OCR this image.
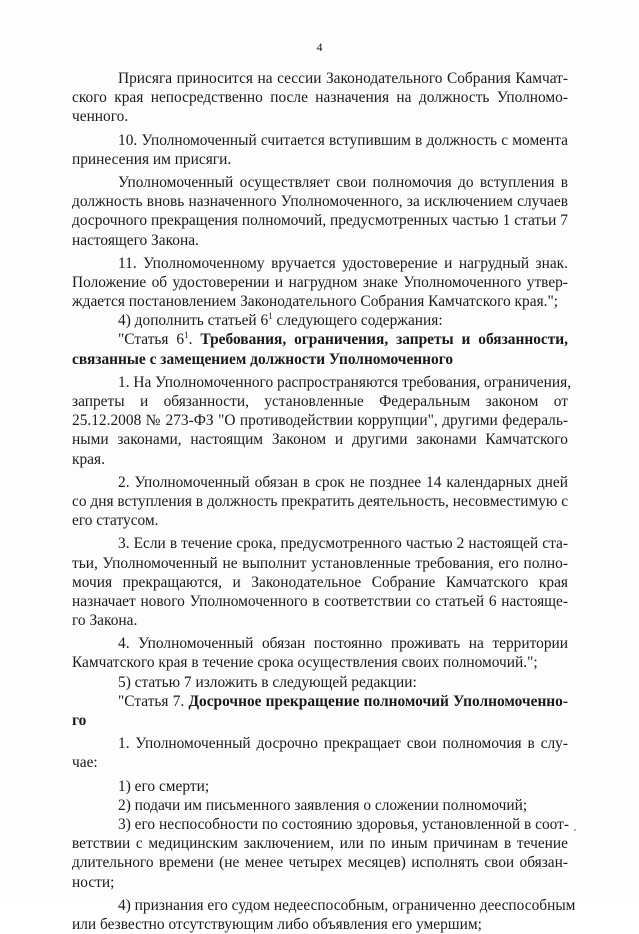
4
Присяга приносится на сессии Законодательного Собрания Камчат-
ского края непосредственно после назначения на должность Уполномо-
ченного.
10. Уполномоченный считается вступившим в должность с момента
принесения им присяги.
Уполномоченный осуществляет свои полномочия до вступления в
должность вновь назначенного Уполномоченного, за исключением случаев
досрочного прекращения полномочий, предусмотренных частью 1 статьи 7
настоящего Закона.
11. Уполномоченному вручается удостоверение и нагрудный знак.
Положение об удостоверении и нагрудном знаке Уполномоченного утвер-
ждается постановлением Законодательного Собрания Камчатского края.";
4) дополнить статьей $6^1$ следующего содержания:
"Статья $6^1$. Требования, ограничения, запреты и обязанности,
связанные с замещением должности Уполномоченного
1. На Уполномоченного распространяются требования, ограничения,
запреты и обязанности, установленные Федеральным законом от
25.12.2008 № 273-ФЗ "О противодействии коррупции", другими федераль-
ными законами, настоящим Законом и другими законами Камчатского
края.
2. Уполномоченный обязан в срок не позднее 14 календарных дней
со дня вступления в должность прекратить деятельность, несовместимую с
его статусом.
3. Если в течение срока, предусмотренного частью 2 настоящей ста-
тьи, Уполномоченный не выполнит установленные требования, его полно-
мочия прекращаются, и Законодательное Собрание Камчатского края
назначает нового Уполномоченного в соответствии со статьей 6 настояще-
го Закона.
4. Уполномоченный обязан постоянно проживать на территории
Камчатского края в течение срока осуществления своих полномочий.";
5) статью 7 изложить в следующей редакции:
"Статья 7. Досрочное прекращение полномочий Уполномоченно-
го
1. Уполномоченный досрочно прекращает свои полномочия в слу-
чае:
1) его смерти;
2) подачи им письменного заявления о сложении полномочий;
3) его неспособности по состоянию здоровья, установленной в соот-
ветствии с медицинским заключением, или по иным причинам в течение
длительного времени (не менее четырех месяцев) исполнять свои обязан-
ности;
4) признания его судом недееспособным, ограниченно дееспособным
или безвестно отсутствующим либо объявления его умершим;
